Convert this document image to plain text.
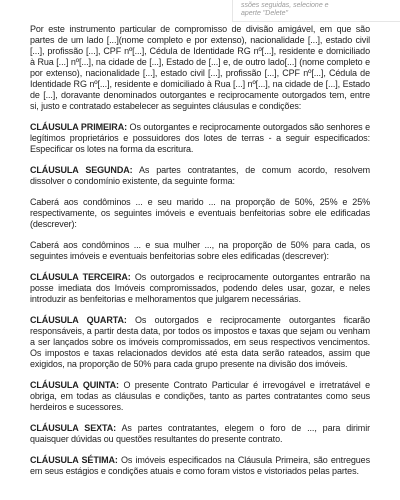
ssões seguidas, selecione e
aperte "Delete"

Por este instrumento particular de compromisso de divisão amigável, em que são partes de um lado [...](nome completo e por extenso), nacionalidade [...], estado civil [...], profissão [...], CPF nº[...], Cédula de Identidade RG nº[...], residente e domiciliado à Rua [...] nº[...], na cidade de [...], Estado de [...] e, de outro lado[...] (nome completo e por extenso), nacionalidade [...], estado civil [...], profissão [...], CPF nº[...], Cédula de Identidade RG nº[...], residente e domiciliado à Rua [...] nº[...], na cidade de [...], Estado de [...], doravante denominados outorgantes e reciprocamente outorgados tem, entre si, justo e contratado estabelecer as seguintes cláusulas e condições:

CLÁUSULA PRIMEIRA: Os outorgantes e reciprocamente outorgados são senhores e legítimos proprietários e possuidores dos lotes de terras - a seguir especificados: Especificar os lotes na forma da escritura.

CLÁUSULA SEGUNDA: As partes contratantes, de comum acordo, resolvem dissolver o condomínio existente, da seguinte forma:

Caberá aos condôminos ... e seu marido ... na proporção de 50%, 25% e 25% respectivamente, os seguintes imóveis e eventuais benfeitorias sobre ele edificadas (descrever):

Caberá aos condôminos ... e sua mulher ..., na proporção de 50% para cada, os seguintes imóveis e eventuais benfeitorias sobre eles edificadas (descrever):

CLÁUSULA TERCEIRA: Os outorgados e reciprocamente outorgantes entrarão na posse imediata dos Imóveis compromissados, podendo deles usar, gozar, e neles introduzir as benfeitorias e melhoramentos que julgarem necessárias.

CLÁUSULA QUARTA: Os outorgados e reciprocamente outorgantes ficarão responsáveis, a partir desta data, por todos os impostos e taxas que sejam ou venham a ser lançados sobre os imóveis compromissados, em seus respectivos vencimentos. Os impostos e taxas relacionados devidos até esta data serão rateados, assim que exigidos, na proporção de 50% para cada grupo presente na divisão dos imóveis.

CLÁUSULA QUINTA: O presente Contrato Particular é irrevogável e irretratável e obriga, em todas as cláusulas e condições, tanto as partes contratantes como seus herdeiros e sucessores.

CLÁUSULA SEXTA: As partes contratantes, elegem o foro de ..., para dirimir quaisquer dúvidas ou questões resultantes do presente contrato.

CLÁUSULA SÉTIMA: Os imóveis especificados na Cláusula Primeira, são entregues em seus estágios e condições atuais e como foram vistos e vistoriados pelas partes.
